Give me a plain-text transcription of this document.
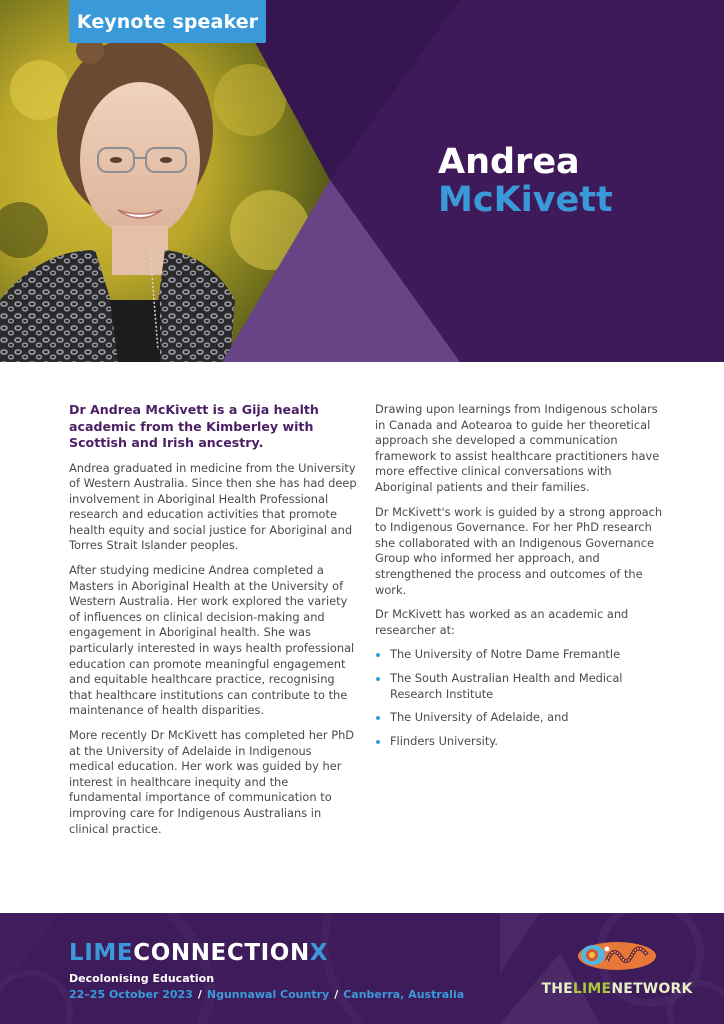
Keynote speaker
Andrea
McKivett

Dr Andrea McKivett is a Gija health academic from the Kimberley with Scottish and Irish ancestry.

Andrea graduated in medicine from the University of Western Australia. Since then she has had deep involvement in Aboriginal Health Professional research and education activities that promote health equity and social justice for Aboriginal and Torres Strait Islander peoples.

After studying medicine Andrea completed a Masters in Aboriginal Health at the University of Western Australia. Her work explored the variety of influences on clinical decision-making and engagement in Aboriginal health. She was particularly interested in ways health professional education can promote meaningful engagement and equitable healthcare practice, recognising that healthcare institutions can contribute to the maintenance of health disparities.

More recently Dr McKivett has completed her PhD at the University of Adelaide in Indigenous medical education. Her work was guided by her interest in healthcare inequity and the fundamental importance of communication to improving care for Indigenous Australians in clinical practice.

Drawing upon learnings from Indigenous scholars in Canada and Aotearoa to guide her theoretical approach she developed a communication framework to assist healthcare practitioners have more effective clinical conversations with Aboriginal patients and their families.

Dr McKivett's work is guided by a strong approach to Indigenous Governance. For her PhD research she collaborated with an Indigenous Governance Group who informed her approach, and strengthened the process and outcomes of the work.

Dr McKivett has worked as an academic and researcher at:

The University of Notre Dame Fremantle
The South Australian Health and Medical Research Institute
The University of Adelaide, and
Flinders University.
LIMECONNECTIONX
Decolonising Education
22–25 October 2023 / Ngunnawal Country / Canberra, Australia	THELIMENETWORK
